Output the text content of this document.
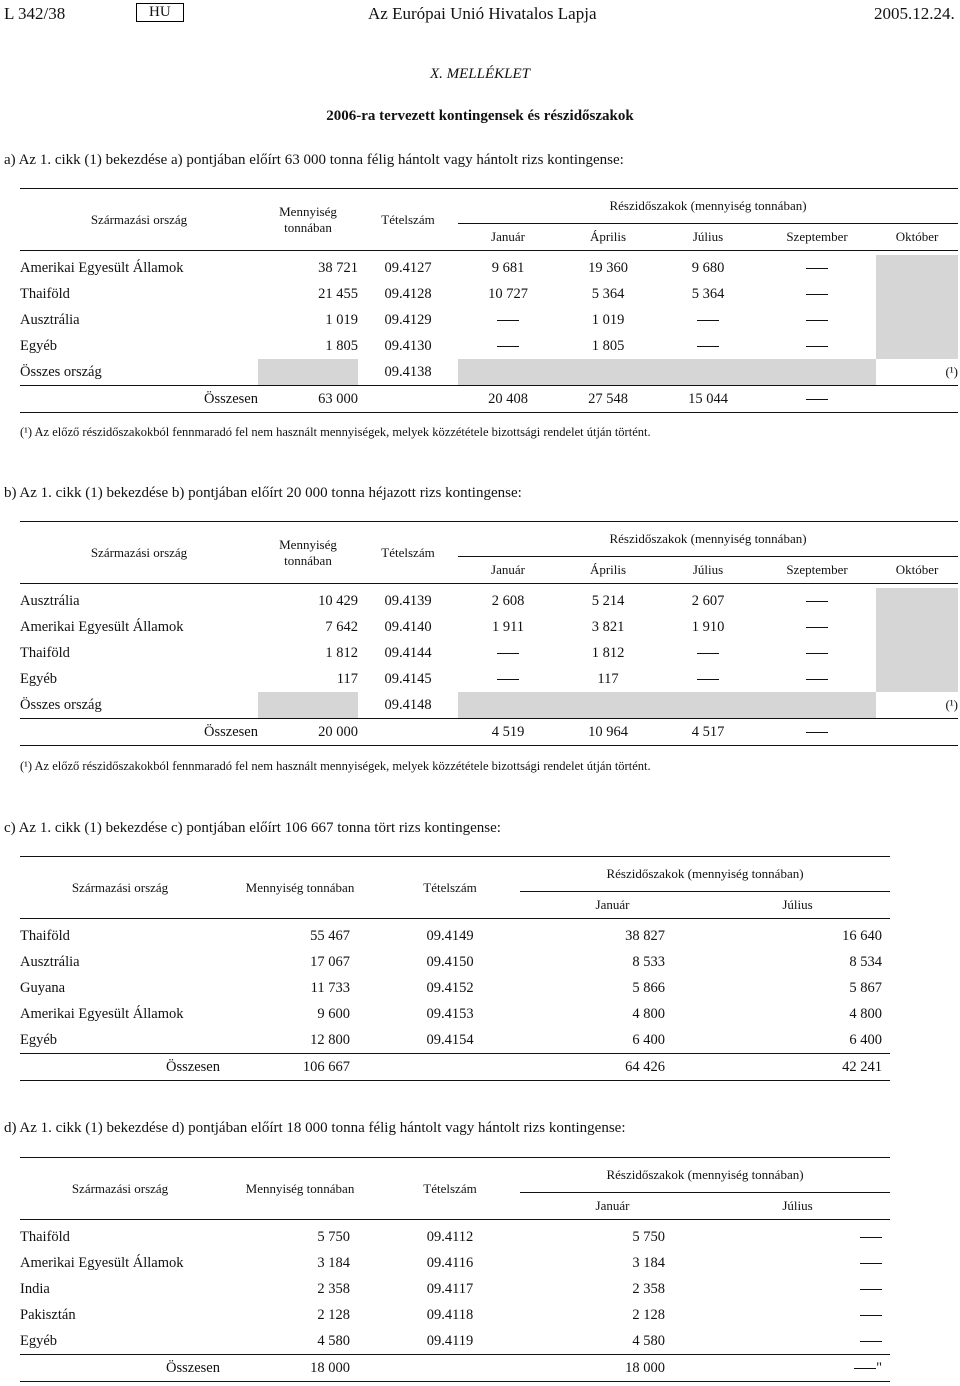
L 342/38	HU	Az Európai Unió Hivatalos Lapja	2005.12.24.
X. MELLÉKLET
2006-ra tervezett kontingensek és részidőszakok
a) Az 1. cikk (1) bekezdése a) pontjában előírt 63 000 tonna félig hántolt vagy hántolt rizs kontingense:
Származási ország	Mennyiség tonnában	Tételszám	Részidőszakok (mennyiség tonnában)				
			Január	Április	Július	Szeptember	Október

Amerikai Egyesült Államok	38 721	09.4127	9 681	19 360	9 680		
Thaiföld	21 455	09.4128	10 727	5 364	5 364		
Ausztrália	1 019	09.4129		1 019			
Egyéb	1 805	09.4130		1 805			
Összes ország		09.4138					(¹)
Összesen	63 000		20 408	27 548	15 044		

(¹) Az előző részidőszakokból fennmaradó fel nem használt mennyiségek, melyek közzététele bizottsági rendelet útján történt.
b) Az 1. cikk (1) bekezdése b) pontjában előírt 20 000 tonna héjazott rizs kontingense:
Származási ország	Mennyiség tonnában	Tételszám	Részidőszakok (mennyiség tonnában)				
			Január	Április	Július	Szeptember	Október

Ausztrália	10 429	09.4139	2 608	5 214	2 607		
Amerikai Egyesült Államok	7 642	09.4140	1 911	3 821	1 910		
Thaiföld	1 812	09.4144		1 812			
Egyéb	117	09.4145		117			
Összes ország		09.4148					(¹)
Összesen	20 000		4 519	10 964	4 517		

(¹) Az előző részidőszakokból fennmaradó fel nem használt mennyiségek, melyek közzététele bizottsági rendelet útján történt.
c) Az 1. cikk (1) bekezdése c) pontjában előírt 106 667 tonna tört rizs kontingense:
Származási ország	Mennyiség tonnában	Tételszám	Részidőszakok (mennyiség tonnában)	
			Január	Július

Thaiföld	55 467	09.4149	38 827	16 640
Ausztrália	17 067	09.4150	8 533	8 534
Guyana	11 733	09.4152	5 866	5 867
Amerikai Egyesült Államok	9 600	09.4153	4 800	4 800
Egyéb	12 800	09.4154	6 400	6 400
Összesen	106 667		64 426	42 241

d) Az 1. cikk (1) bekezdése d) pontjában előírt 18 000 tonna félig hántolt vagy hántolt rizs kontingense:
Származási ország	Mennyiség tonnában	Tételszám	Részidőszakok (mennyiség tonnában)	
			Január	Július

Thaiföld	5 750	09.4112	5 750	
Amerikai Egyesült Államok	3 184	09.4116	3 184	
India	2 358	09.4117	2 358	
Pakisztán	2 128	09.4118	2 128	
Egyéb	4 580	09.4119	4 580	
Összesen	18 000		18 000	"
